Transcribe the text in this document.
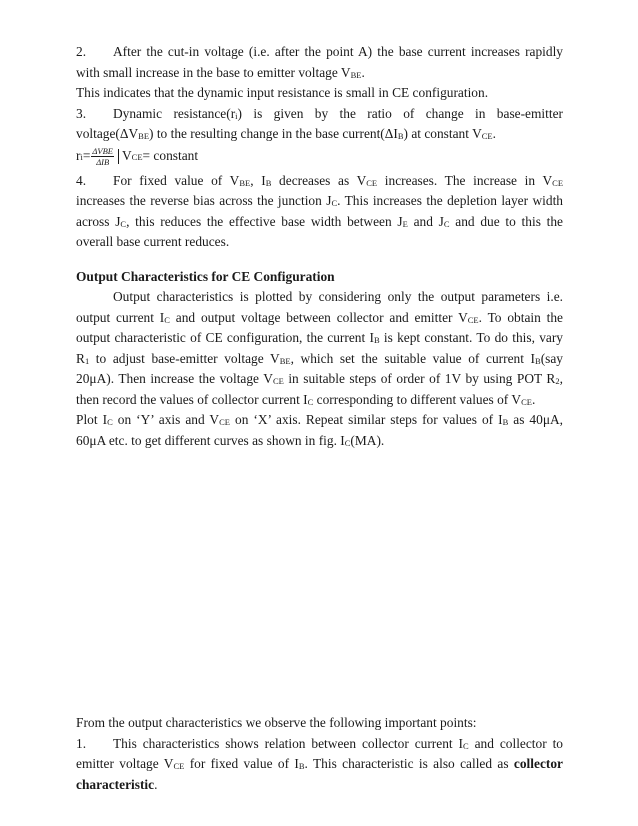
2. After the cut-in voltage (i.e. after the point A) the base current increases rapidly
with small increase in the base to emitter voltage $V_{BE}$.
This indicates that the dynamic input resistance is small in CE configuration.
3. Dynamic $resistance(r_i)$ is given by the ratio of change in base-emitter
$voltage(\Delta V_{BE})$ to the resulting change in the base $current(\Delta I_B)$ at constant $V_{CE}$.
r $i = \frac{\text{ΔVBE}}{\text{ΔIB}}$ V CE = constant
4. For fixed value of $V_{BE}$, $I_B$ decreases as $V_{CE}$ increases. The increase in $V_{CE}$
increases the reverse bias across the junction $J_C$. This increases the depletion layer width
across $J_C$, this reduces the effective base width between $J_E$ and $J_C$ and due to this the
overall base current reduces.
Output Characteristics for CE Configuration
Output characteristics is plotted by considering only the output parameters i.e.
output current $I_C$ and output voltage between collector and emitter $V_{CE}$. To obtain the
output characteristic of CE configuration, the current $I_B$ is kept constant. To do this, vary
$R_1$ to adjust base-emitter voltage $V_{BE}$, which set the suitable value of current $I_B(say$
20μA). Then increase the voltage $V_{CE}$ in suitable steps of order of 1V by using POT $R_2$,
then record the values of collector current $I_C$ corresponding to different values of $V_{CE}$.
Plot $I_C$ on ‘Y’ axis and $V_{CE}$ on ‘X’ axis. Repeat similar steps for values of $I_B$ as 40μA,
60μA etc. to get different curves as shown in fig. $I_C(MA)$.
From the output characteristics we observe the following important points:
1. This characteristics shows relation between collector current $I_C$ and collector to
emitter voltage $V_{CE}$ for fixed value of $I_B$. This characteristic is also called as collector
characteristic.
